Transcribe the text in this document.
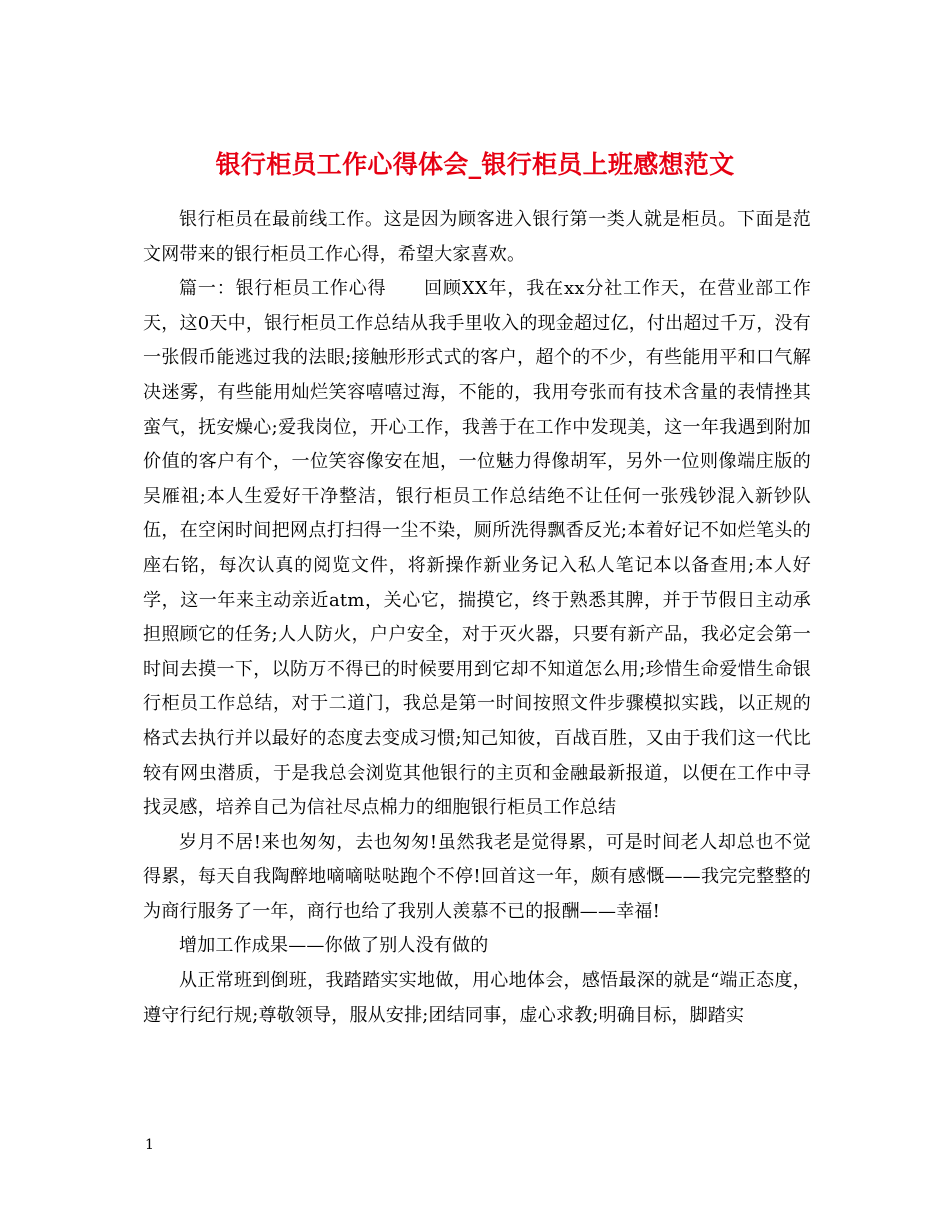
银行柜员工作心得体会_银行柜员上班感想范文

银行柜员在最前线工作。这是因为顾客进入银行第一类人就是柜员。下面是范文网带来的银行柜员工作心得，希望大家喜欢。

篇一：银行柜员工作心得　　回顾XX年，我在xx分社工作天，在营业部工作天，这0天中，银行柜员工作总结从我手里收入的现金超过亿，付出超过千万，没有一张假币能逃过我的法眼;接触形形式式的客户，超个的不少，有些能用平和口气解决迷雾，有些能用灿烂笑容嘻嘻过海，不能的，我用夸张而有技术含量的表情挫其蛮气，抚安燥心;爱我岗位，开心工作，我善于在工作中发现美，这一年我遇到附加价值的客户有个，一位笑容像安在旭，一位魅力得像胡军，另外一位则像端庄版的吴雁祖;本人生爱好干净整洁，银行柜员工作总结绝不让任何一张残钞混入新钞队伍，在空闲时间把网点打扫得一尘不染，厕所洗得飘香反光;本着好记不如烂笔头的座右铭，每次认真的阅览文件，将新操作新业务记入私人笔记本以备查用;本人好学，这一年来主动亲近atm，关心它，揣摸它，终于熟悉其脾，并于节假日主动承担照顾它的任务;人人防火，户户安全，对于灭火器，只要有新产品，我必定会第一时间去摸一下，以防万不得已的时候要用到它却不知道怎么用;珍惜生命爱惜生命银行柜员工作总结，对于二道门，我总是第一时间按照文件步骤模拟实践，以正规的格式去执行并以最好的态度去变成习惯;知己知彼，百战百胜，又由于我们这一代比较有网虫潜质，于是我总会浏览其他银行的主页和金融最新报道，以便在工作中寻找灵感，培养自己为信社尽点棉力的细胞银行柜员工作总结

岁月不居!来也匆匆，去也匆匆!虽然我老是觉得累，可是时间老人却总也不觉得累，每天自我陶醉地嘀嘀哒哒跑个不停!回首这一年，颇有感慨——我完完整整的为商行服务了一年，商行也给了我别人羡慕不已的报酬——幸福!

增加工作成果——你做了别人没有做的

从正常班到倒班，我踏踏实实地做，用心地体会，感悟最深的就是“端正态度，遵守行纪行规;尊敬领导，服从安排;团结同事，虚心求教;明确目标，脚踏实

1
